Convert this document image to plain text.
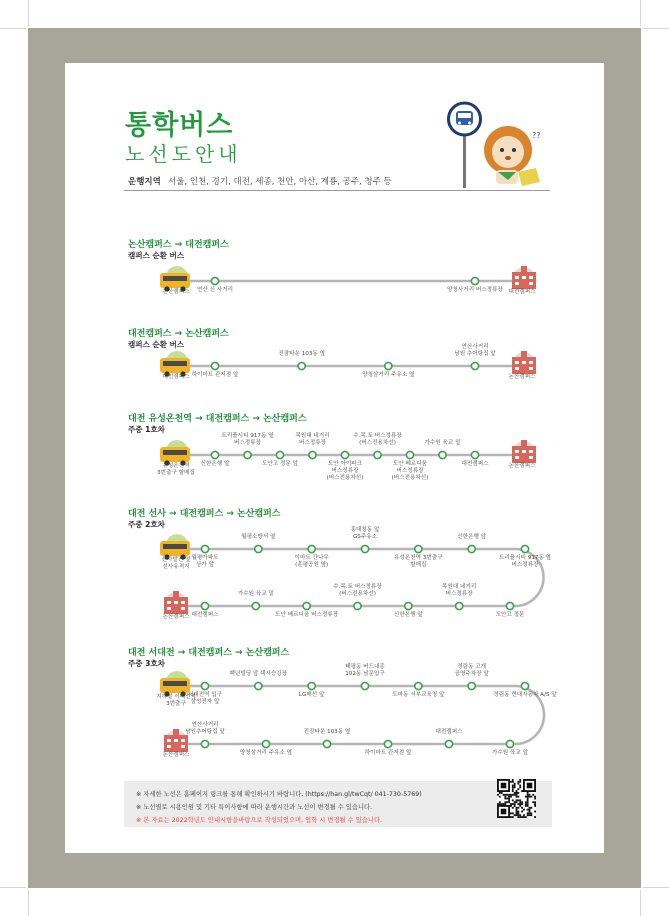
통학버스
노선도안내
운행지역 서울, 인천, 경기, 대전, 세종, 천안, 아산, 계룡, 공주, 청주 등
??
논산캠퍼스 → 대전캠퍼스
캠퍼스 순환 버스
논산캠퍼스	대전캠퍼스
연산 신 사거리	양청사거리 버스정류장
대전캠퍼스 → 논산캠퍼스
캠퍼스 순환 버스
대전캠퍼스	논산캠퍼스
하이마트 관저점 앞
진잠타운 103동 옆
양청삼거리 주유소 옆
연산사거리
남원 추어탕집 앞
대전 유성온천역 → 대전캠퍼스 → 논산캠퍼스
주중 1호차
유성온천역
3번출구 할매집
논산캠퍼스
신한은행 앞
트리플시티 917동 옆
버스정류장
도안고 정문 앞
목원대 네거리
버스정류장
도안 아이파크
버스정류장
(버스전용차선)
수.목.토 버스정류장
(버스전용차선)
도안 베르디움
버스정류장
(버스전용차선)
가수원 육교 밑
대전캠퍼스
대전 선사 → 대전캠퍼스 → 논산캠퍼스
주중 2호차
선사발전 옆
선사유적지
논산캠퍼스
월평아파트
상가 앞
월평소방서 옆
이마트 간나무
(훈평공원 옆)
홍대칭동 앞
GS주유소
유성온천역 3번출구
할매집
신한은행 앞
트리플시티 917동 옆
버스정류장
도안고 정문
목원대 네거리
버스정류장
신한은행 앞
수.목.토 버스정류장
(버스전용차선)
도안 베르디움 버스정류장
가수원 육교 밑
대전캠퍼스
대전 서대전 → 대전캠퍼스 → 논산캠퍼스
주중 3호차
지하철 서대전역
3번출구
논산캠퍼스
서대전역 입구
삼성전자 앞
백년빌딩 앞 택시승강장
LG매선 앞
태평동 버드내종
102동 남문입구
도마동 서부교육청 앞
정림동 고개
공영주차장 앞
정림동 현대자동차 A/S 앞
가수원 육교 앞
대전캠퍼스
하이마트 관저점 앞
진잠타운 103동 옆
양청삼거리 주유소 옆
연산사거리
남원추어탕집 앞
※ 자세한 노선은 홈페이지 링크를 통해 확인하시기 바랍니다. (https://han.gl/twCqt/ 041-730-5769)
※ 노선별로 시용인원 및 기타 특이사항에 따라 운행시간과 노선이 변경될 수 있습니다.
※ 본 자료는 2022학년도 안내시항을바탕으로 작성되었으며, 입학 시 변경될 수 있습니다.
